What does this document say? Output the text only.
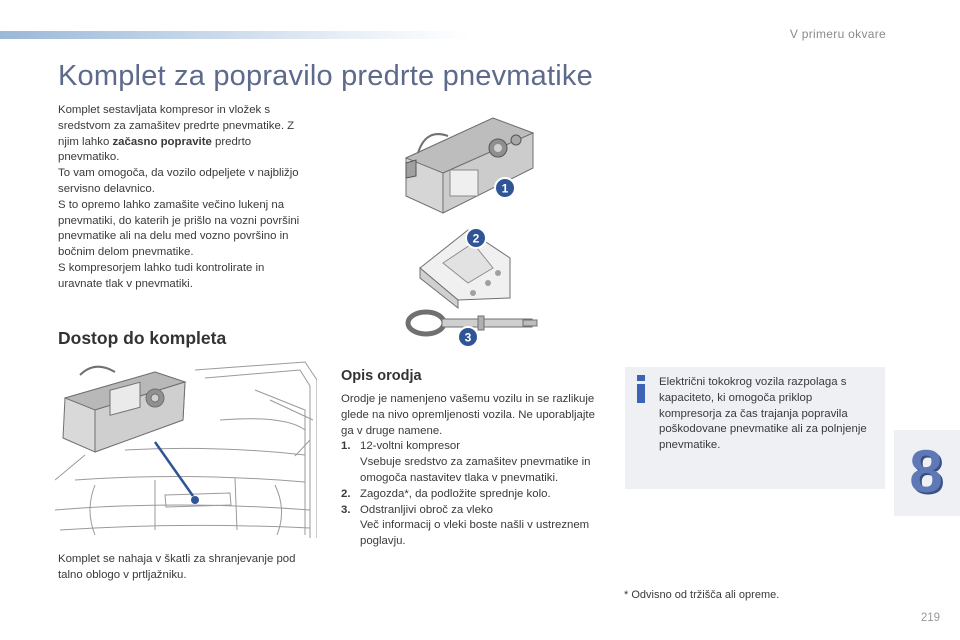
V primeru okvare
Komplet za popravilo predrte pnevmatike

Komplet sestavljata kompresor in vložek s sredstvom za zamašitev predrte pnevmatike. Z njim lahko začasno popravite predrto pnevmatiko.

To vam omogoča, da vozilo odpeljete v najbližjo servisno delavnico.

S to opremo lahko zamašite večino lukenj na pnevmatiki, do katerih je prišlo na vozni površini pnevmatike ali na delu med vozno površino in bočnim delom pnevmatike.

S kompresorjem lahko tudi kontrolirate in uravnate tlak v pnevmatiki.

Dostop do kompleta
Komplet se nahaja v škatli za shranjevanje pod talno oblogo v prtljažniku.
1
2
3
Opis orodja

Orodje je namenjeno vašemu vozilu in se razlikuje glede na nivo opremljenosti vozila. Ne uporabljajte ga v druge namene.

1. 12-voltni kompresor
Vsebuje sredstvo za zamašitev pnevmatike in omogoča nastavitev tlaka v pnevmatiki.
2. Zagozda*, da podložite sprednje kolo.
3. Odstranljivi obroč za vleko
Več informacij o vleki boste našli v ustreznem poglavju.
Električni tokokrog vozila razpolaga s kapaciteto, ki omogoča priklop kompresorja za čas trajanja popravila poškodovane pnevmatike ali za polnjenje pnevmatike.	8
* Odvisno od tržišča ali opreme.
219
